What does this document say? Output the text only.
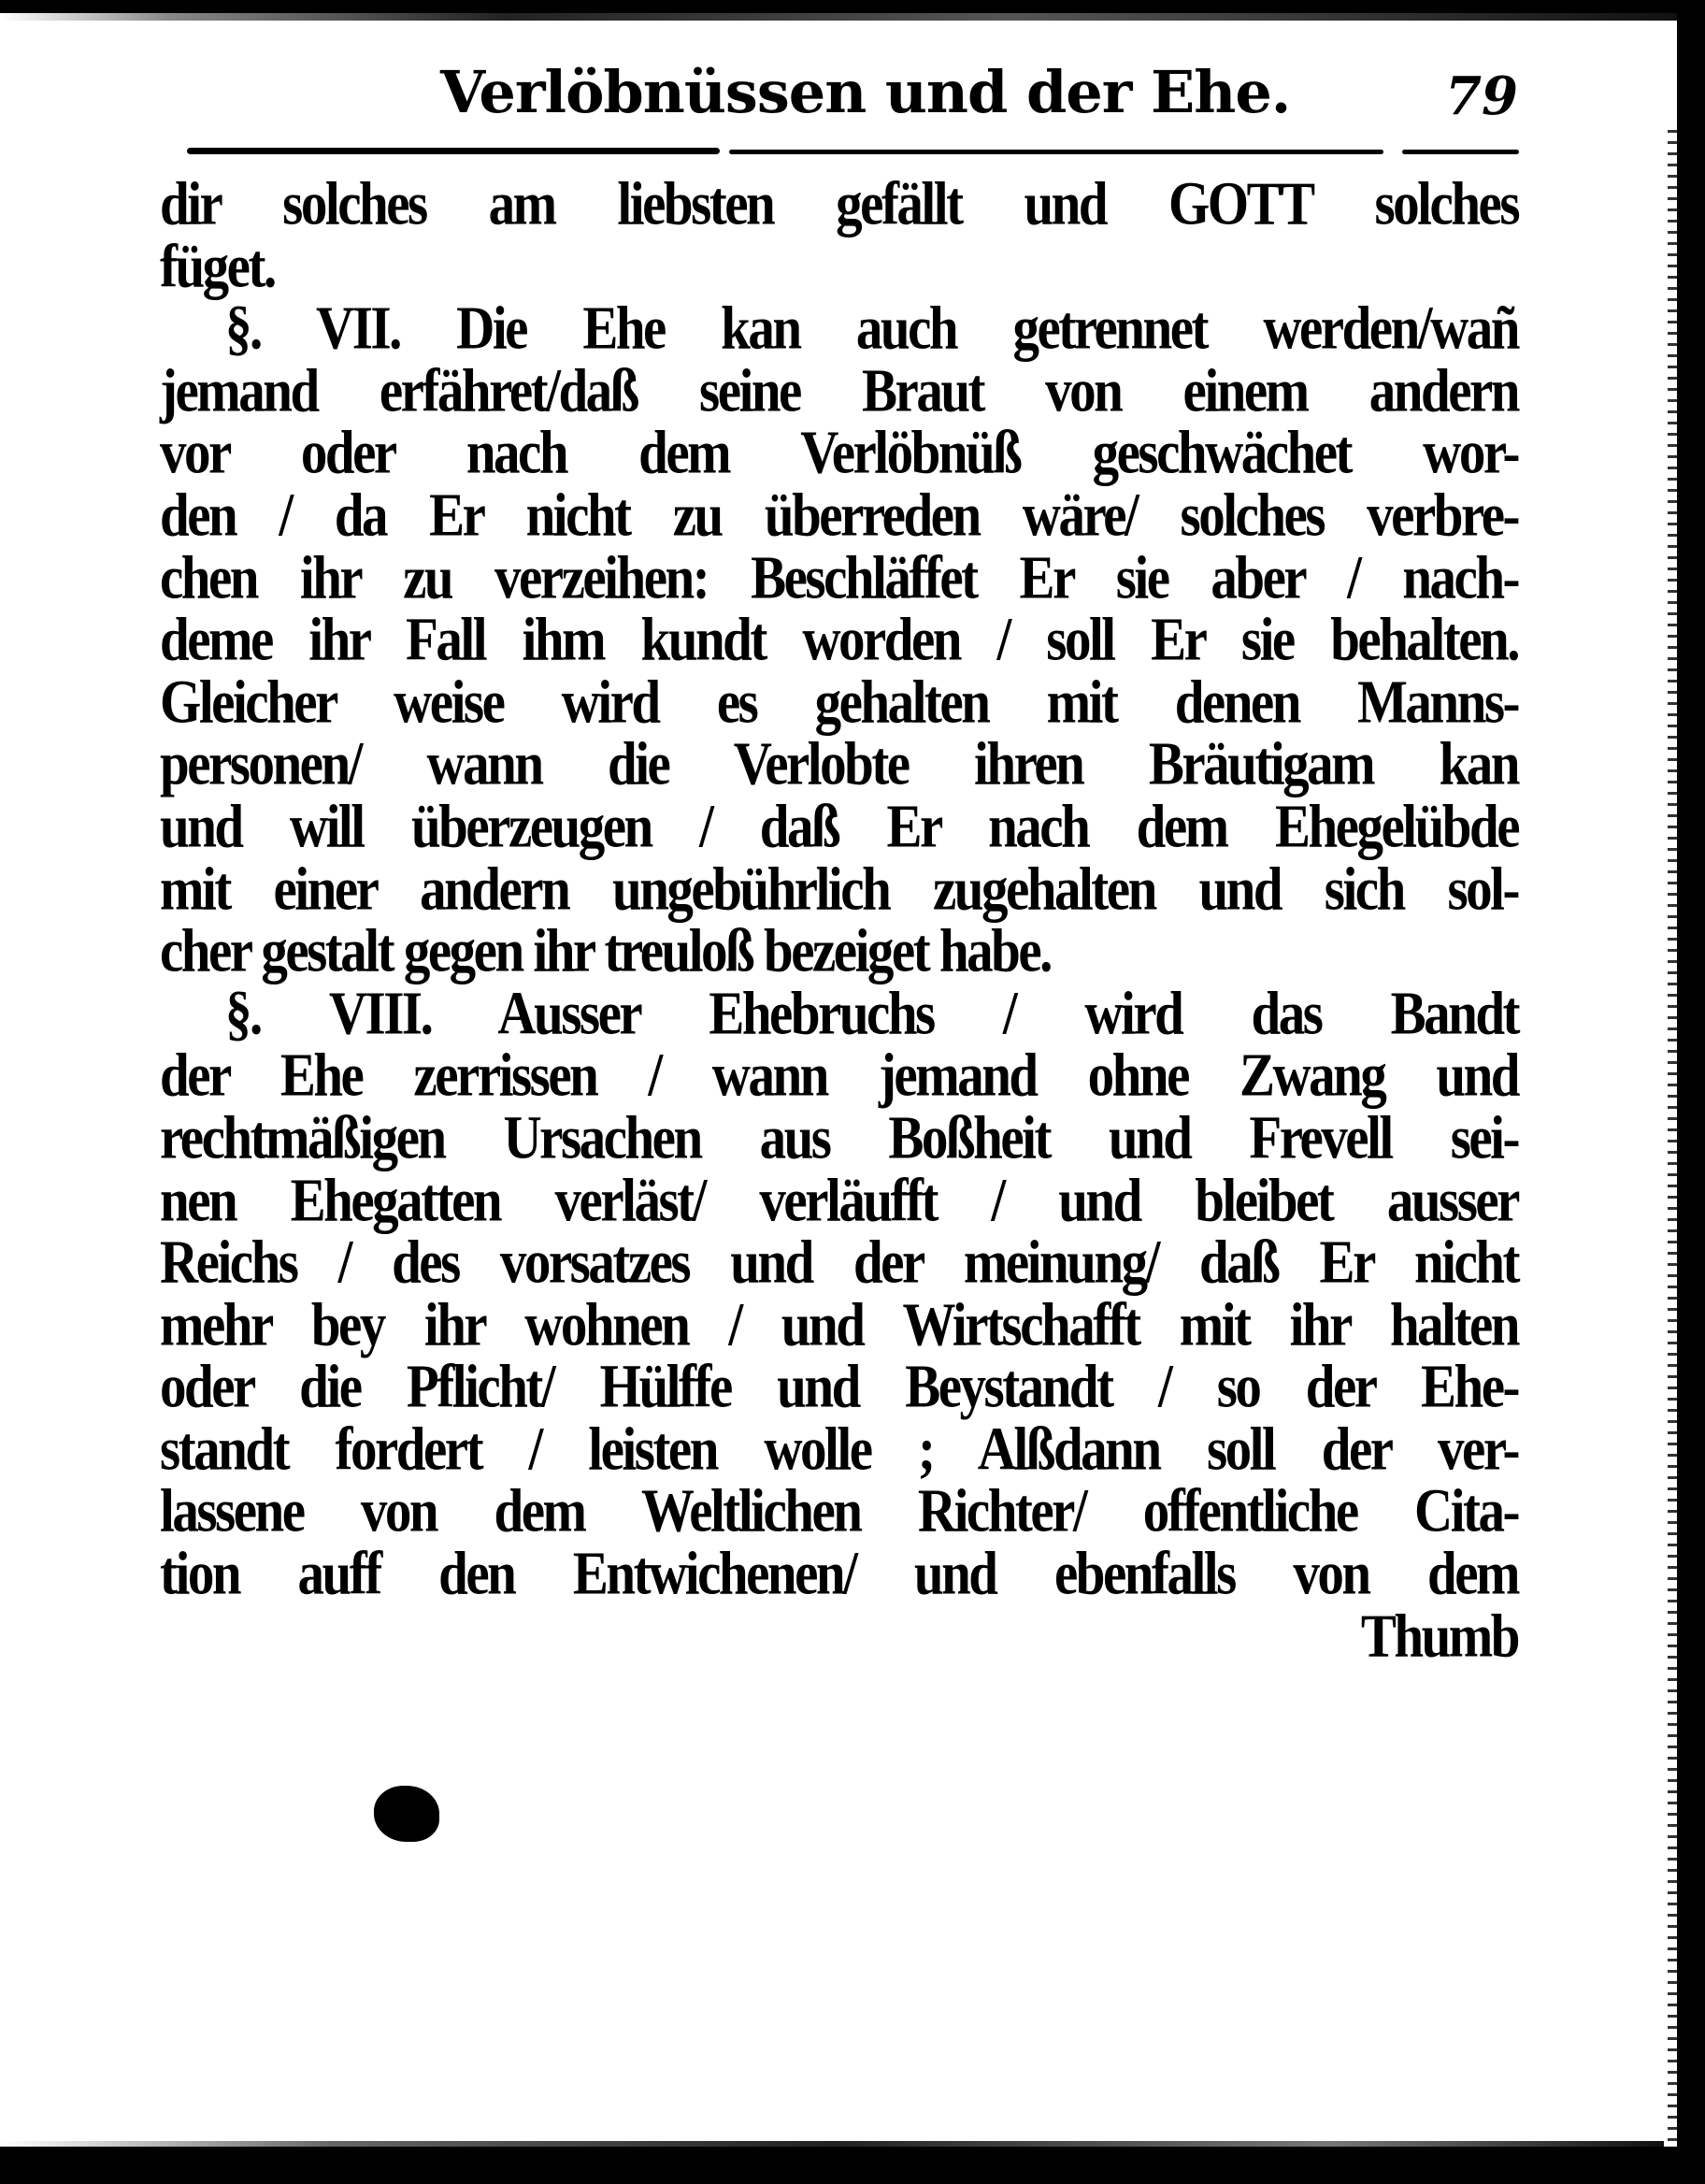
Verlöbnüssen und der Ehe.	79
dir solches am liebsten gefällt und GOTT solches
füget.
§. VII. Die Ehe kan auch getrennet werden/wañ
jemand erfähret/daß seine Braut von einem andern
vor oder nach dem Verlöbnüß geschwächet wor-
den / da Er nicht zu überreden wäre/ solches verbre-
chen ihr zu verzeihen: Beschläffet Er sie aber / nach-
deme ihr Fall ihm kundt worden / soll Er sie behalten.
Gleicher weise wird es gehalten mit denen Manns-
personen/ wann die Verlobte ihren Bräutigam kan
und will überzeugen / daß Er nach dem Ehegelübde
mit einer andern ungebührlich zugehalten und sich sol-
cher gestalt gegen ihr treuloß bezeiget habe.
§. VIII. Ausser Ehebruchs / wird das Bandt
der Ehe zerrissen / wann jemand ohne Zwang und
rechtmäßigen Ursachen aus Boßheit und Frevell sei-
nen Ehegatten verläst/ verläufft / und bleibet ausser
Reichs / des vorsatzes und der meinung/ daß Er nicht
mehr bey ihr wohnen / und Wirtschafft mit ihr halten
oder die Pflicht/ Hülffe und Beystandt / so der Ehe-
standt fordert / leisten wolle ; Alßdann soll der ver-
lassene von dem Weltlichen Richter/ offentliche Cita-
tion auff den Entwichenen/ und ebenfalls von dem
Thumb
